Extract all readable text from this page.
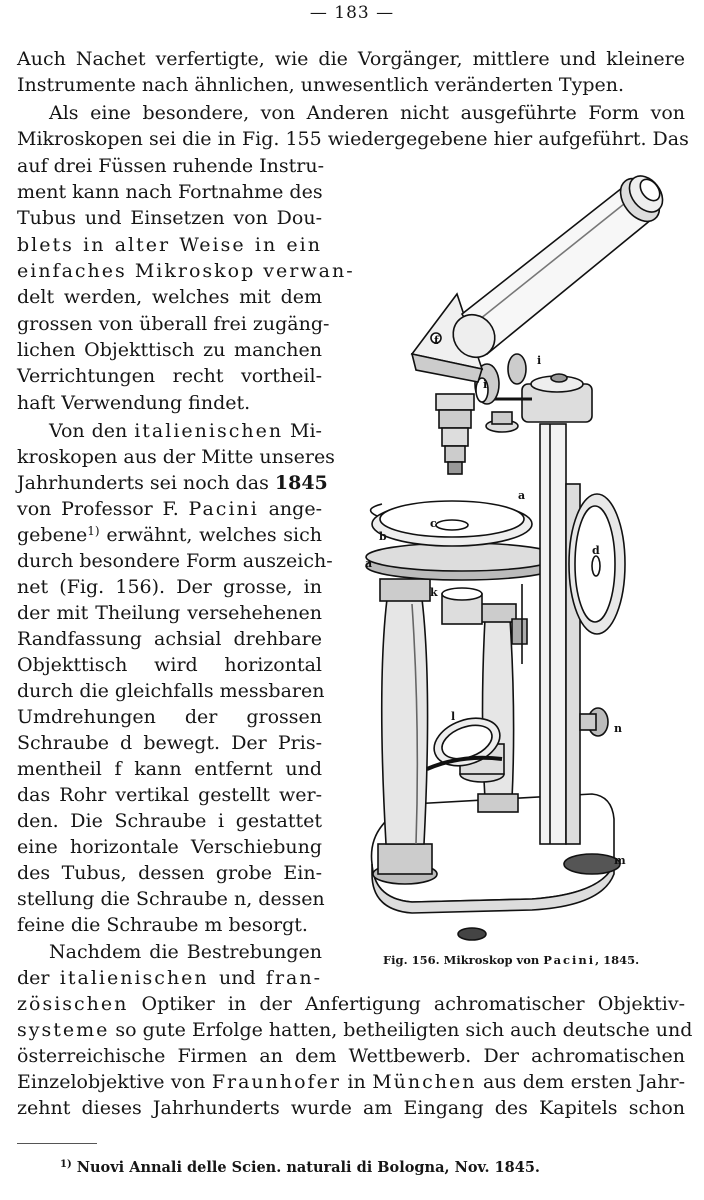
— 183 —
Auch Nachet verfertigte, wie die Vorgänger, mittlere und kleinere
Instrumente nach ähnlichen, unwesentlich veränderten Typen.
Als eine besondere, von Anderen nicht ausgeführte Form von
Mikroskopen sei die in Fig. 155 wiedergegebene hier aufgeführt. Das
auf drei Füssen ruhende Instru-
ment kann nach Fortnahme des
Tubus und Einsetzen von Dou-
blets in alter Weise in ein
einfaches Mikroskop verwan-
delt werden, welches mit dem
grossen von überall frei zugäng-
lichen Objekttisch zu manchen
Verrichtungen recht vortheil-
haft Verwendung findet.
Von den italienischen Mi-
kroskopen aus der Mitte unseres
Jahrhunderts sei noch das 1845
von Professor F. Pacini ange-
gebene$^{1)}$ erwähnt, welches sich
durch besondere Form auszeich-
net (Fig. 156). Der grosse, in
der mit Theilung versehehenen
Randfassung achsial drehbare
Objekttisch wird horizontal
durch die gleichfalls messbaren
Umdrehungen der grossen
Schraube d bewegt. Der Pris-
mentheil f kann entfernt und
das Rohr vertikal gestellt wer-
den. Die Schraube i gestattet
eine horizontale Verschiebung
des Tubus, dessen grobe Ein-
stellung die Schraube n, dessen
feine die Schraube m besorgt.
Nachdem die Bestrebungen
der italienischen und fran-
zösischen Optiker in der Anfertigung achromatischer Objektiv-
systeme so gute Erfolge hatten, betheiligten sich auch deutsche und
österreichische Firmen an dem Wettbewerb. Der achromatischen
Einzelobjektive von Fraunhofer in München aus dem ersten Jahr-
zehnt dieses Jahrhunderts wurde am Eingang des Kapitels schon
f
i
i
a
a
b
c
d
k
l
n
m
Fig. 156. Mikroskop von Pacini, 1845.
$^{1)}$ Nuovi Annali delle Scien. naturali di Bologna, Nov. 1845.
